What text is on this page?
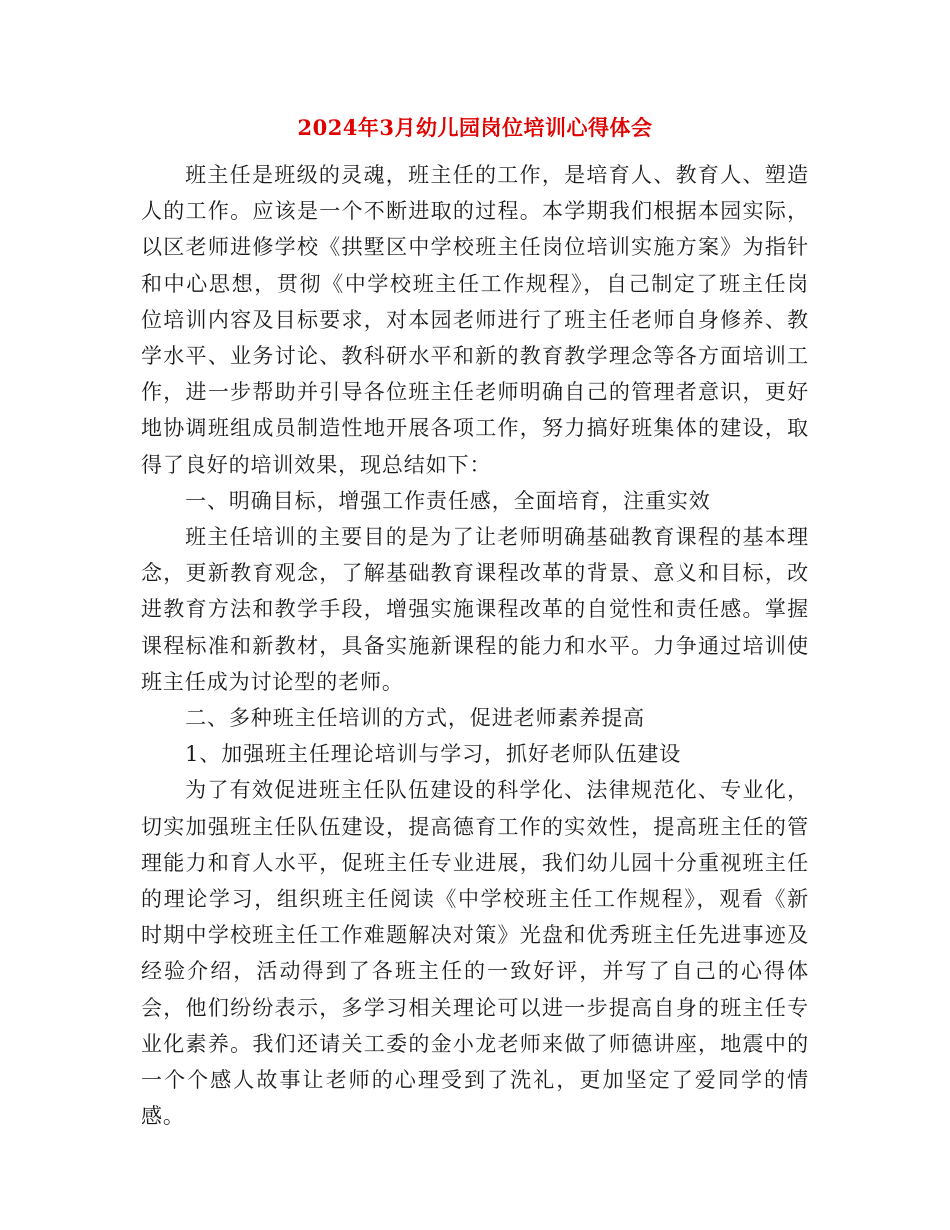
2024年3月幼儿园岗位培训心得体会

班主任是班级的灵魂，班主任的工作，是培育人、教育人、塑造人的工作。应该是一个不断进取的过程。本学期我们根据本园实际，以区老师进修学校《拱墅区中学校班主任岗位培训实施方案》为指针和中心思想，贯彻《中学校班主任工作规程》，自己制定了班主任岗位培训内容及目标要求，对本园老师进行了班主任老师自身修养、教学水平、业务讨论、教科研水平和新的教育教学理念等各方面培训工作，进一步帮助并引导各位班主任老师明确自己的管理者意识，更好地协调班组成员制造性地开展各项工作，努力搞好班集体的建设，取得了良好的培训效果，现总结如下：

一、明确目标，增强工作责任感，全面培育，注重实效

班主任培训的主要目的是为了让老师明确基础教育课程的基本理念，更新教育观念，了解基础教育课程改革的背景、意义和目标，改进教育方法和教学手段，增强实施课程改革的自觉性和责任感。掌握课程标准和新教材，具备实施新课程的能力和水平。力争通过培训使班主任成为讨论型的老师。

二、多种班主任培训的方式，促进老师素养提高

1、加强班主任理论培训与学习，抓好老师队伍建设

为了有效促进班主任队伍建设的科学化、法律规范化、专业化，切实加强班主任队伍建设，提高德育工作的实效性，提高班主任的管理能力和育人水平，促班主任专业进展，我们幼儿园十分重视班主任的理论学习，组织班主任阅读《中学校班主任工作规程》，观看《新时期中学校班主任工作难题解决对策》光盘和优秀班主任先进事迹及经验介绍，活动得到了各班主任的一致好评，并写了自己的心得体会，他们纷纷表示，多学习相关理论可以进一步提高自身的班主任专业化素养。我们还请关工委的金小龙老师来做了师德讲座，地震中的一个个感人故事让老师的心理受到了洗礼，更加坚定了爱同学的情感。
